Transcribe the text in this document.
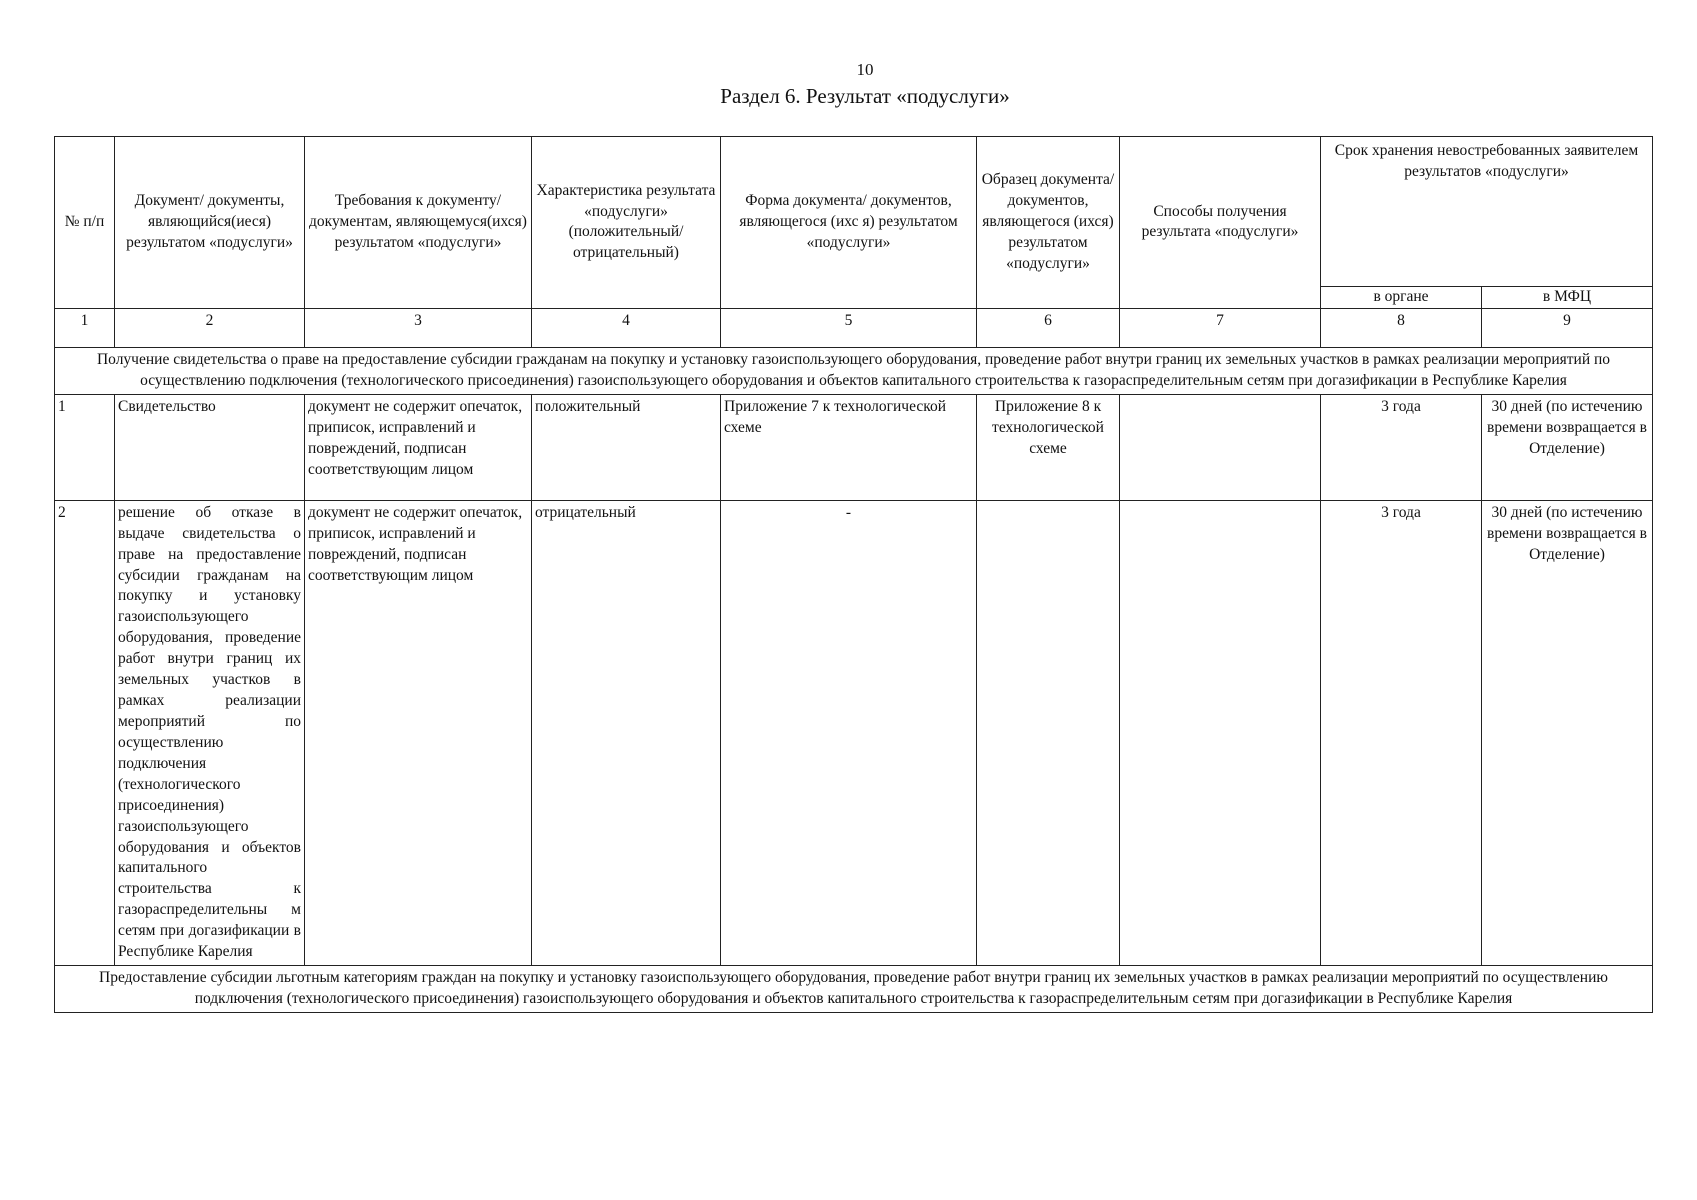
10
Раздел 6. Результат «подуслуги»
№ п/п	Документ/ документы, являющийся(иеся) результатом «подуслуги»	Требования к документу/ документам, являющемуся(ихся) результатом «подуслуги»	Характеристика результата «подуслуги» (положительный/ отрицательный)	Форма документа/ документов, являющегося (ихс я) результатом «подуслуги»	Образец документа/ документов, являющегося (ихся) результатом «подуслуги»	Способы получения результата «подуслуги»	Срок хранения невостребованных заявителем результатов «подуслуги»	
							в органе	в МФЦ
1	2	3	4	5	6	7	8	9
Получение свидетельства о праве на предоставление субсидии гражданам на покупку и установку газоиспользующего оборудования, проведение работ внутри границ их земельных участков в рамках реализации мероприятий по осуществлению подключения (технологического присоединения) газоиспользующего оборудования и объектов капитального строительства к газораспределительным сетям при догазификации в Республике Карелия								
1	Свидетельство	документ не содержит опечаток, приписок, исправлений и повреждений, подписан соответствующим лицом	положительный	Приложение 7 к технологической схеме	Приложение 8 к технологической схеме		3 года	30 дней (по истечению времени возвращается в Отделение)
2	решение об отказе в выдаче свидетельства о праве на предоставление субсидии гражданам на покупку и установку газоиспользующего оборудования, проведение работ внутри границ их земельных участков в рамках реализации мероприятий по осуществлению подключения (технологического присоединения) газоиспользующего оборудования и объектов капитального строительства к газораспределительны м сетям при догазификации в Республике Карелия	документ не содержит опечаток, приписок, исправлений и повреждений, подписан соответствующим лицом	отрицательный	-			3 года	30 дней (по истечению времени возвращается в Отделение)
Предоставление субсидии льготным категориям граждан на покупку и установку газоиспользующего оборудования, проведение работ внутри границ их земельных участков в рамках реализации мероприятий по осуществлению подключения (технологического присоединения) газоиспользующего оборудования и объектов капитального строительства к газораспределительным сетям при догазификации в Республике Карелия								
